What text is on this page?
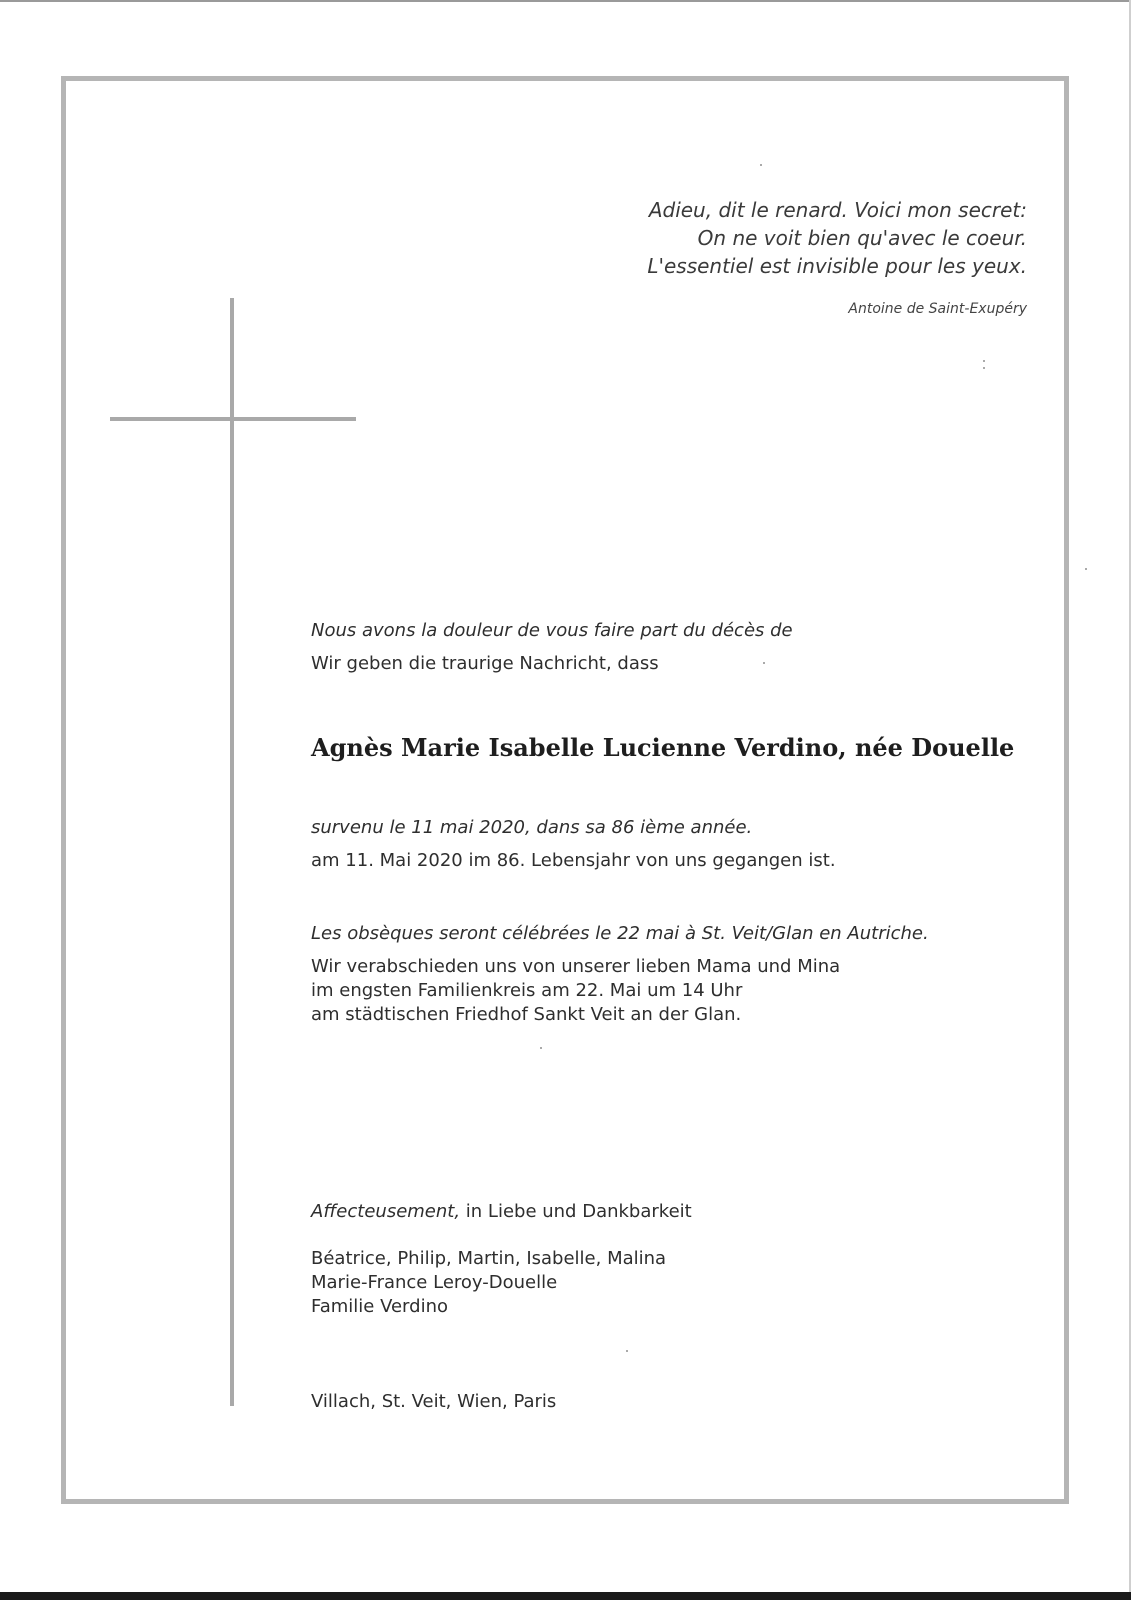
Adieu, dit le renard. Voici mon secret:
On ne voit bien qu'avec le coeur.
L'essentiel est invisible pour les yeux.
Antoine de Saint-Exupéry
Nous avons la douleur de vous faire part du décès de
Wir geben die traurige Nachricht, dass
Agnès Marie Isabelle Lucienne Verdino, née Douelle
survenu le 11 mai 2020, dans sa 86 ième année.
am 11. Mai 2020 im 86. Lebensjahr von uns gegangen ist.
Les obsèques seront célébrées le 22 mai à St. Veit/Glan en Autriche.
Wir verabschieden uns von unserer lieben Mama und Mina
im engsten Familienkreis am 22. Mai um 14 Uhr
am städtischen Friedhof Sankt Veit an der Glan.
Affecteusement, in Liebe und Dankbarkeit
Béatrice, Philip, Martin, Isabelle, Malina
Marie-France Leroy-Douelle
Familie Verdino
Villach, St. Veit, Wien, Paris
